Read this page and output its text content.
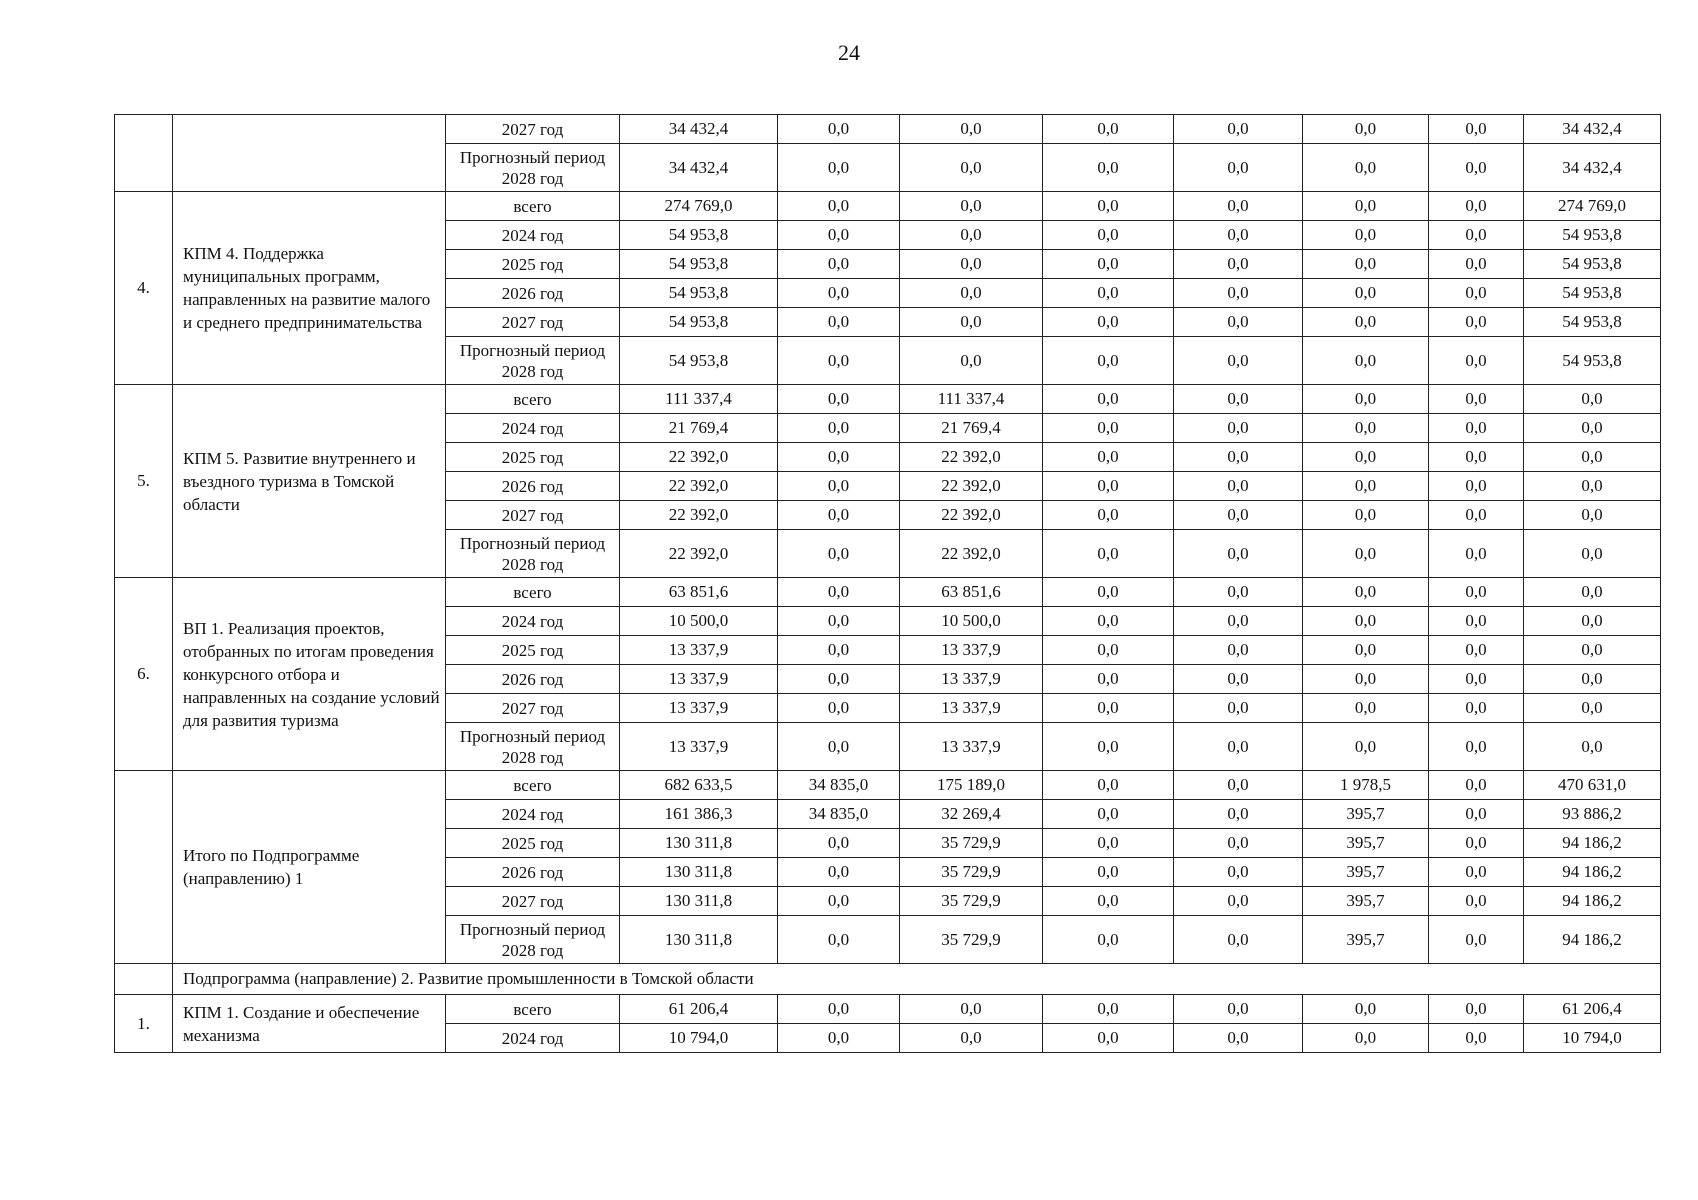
24
		2027 год	34 432,4	0,0	0,0	0,0	0,0	0,0	0,0	34 432,4
		Прогнозный период 2028 год	34 432,4	0,0	0,0	0,0	0,0	0,0	0,0	34 432,4
4.	КПМ 4. Поддержка муниципальных программ, направленных на развитие малого и среднего предпринимательства	всего	274 769,0	0,0	0,0	0,0	0,0	0,0	0,0	274 769,0
		2024 год	54 953,8	0,0	0,0	0,0	0,0	0,0	0,0	54 953,8
		2025 год	54 953,8	0,0	0,0	0,0	0,0	0,0	0,0	54 953,8
		2026 год	54 953,8	0,0	0,0	0,0	0,0	0,0	0,0	54 953,8
		2027 год	54 953,8	0,0	0,0	0,0	0,0	0,0	0,0	54 953,8
		Прогнозный период 2028 год	54 953,8	0,0	0,0	0,0	0,0	0,0	0,0	54 953,8
5.	КПМ 5. Развитие внутреннего и въездного туризма в Томской области	всего	111 337,4	0,0	111 337,4	0,0	0,0	0,0	0,0	0,0
		2024 год	21 769,4	0,0	21 769,4	0,0	0,0	0,0	0,0	0,0
		2025 год	22 392,0	0,0	22 392,0	0,0	0,0	0,0	0,0	0,0
		2026 год	22 392,0	0,0	22 392,0	0,0	0,0	0,0	0,0	0,0
		2027 год	22 392,0	0,0	22 392,0	0,0	0,0	0,0	0,0	0,0
		Прогнозный период 2028 год	22 392,0	0,0	22 392,0	0,0	0,0	0,0	0,0	0,0
6.	ВП 1. Реализация проектов, отобранных по итогам проведения конкурсного отбора и направленных на создание условий для развития туризма	всего	63 851,6	0,0	63 851,6	0,0	0,0	0,0	0,0	0,0
		2024 год	10 500,0	0,0	10 500,0	0,0	0,0	0,0	0,0	0,0
		2025 год	13 337,9	0,0	13 337,9	0,0	0,0	0,0	0,0	0,0
		2026 год	13 337,9	0,0	13 337,9	0,0	0,0	0,0	0,0	0,0
		2027 год	13 337,9	0,0	13 337,9	0,0	0,0	0,0	0,0	0,0
		Прогнозный период 2028 год	13 337,9	0,0	13 337,9	0,0	0,0	0,0	0,0	0,0
	Итого по Подпрограмме (направлению) 1	всего	682 633,5	34 835,0	175 189,0	0,0	0,0	1 978,5	0,0	470 631,0
		2024 год	161 386,3	34 835,0	32 269,4	0,0	0,0	395,7	0,0	93 886,2
		2025 год	130 311,8	0,0	35 729,9	0,0	0,0	395,7	0,0	94 186,2
		2026 год	130 311,8	0,0	35 729,9	0,0	0,0	395,7	0,0	94 186,2
		2027 год	130 311,8	0,0	35 729,9	0,0	0,0	395,7	0,0	94 186,2
		Прогнозный период 2028 год	130 311,8	0,0	35 729,9	0,0	0,0	395,7	0,0	94 186,2
	Подпрограмма (направление) 2. Развитие промышленности в Томской области									
1.	КПМ 1. Создание и обеспечение механизма	всего	61 206,4	0,0	0,0	0,0	0,0	0,0	0,0	61 206,4
		2024 год	10 794,0	0,0	0,0	0,0	0,0	0,0	0,0	10 794,0
